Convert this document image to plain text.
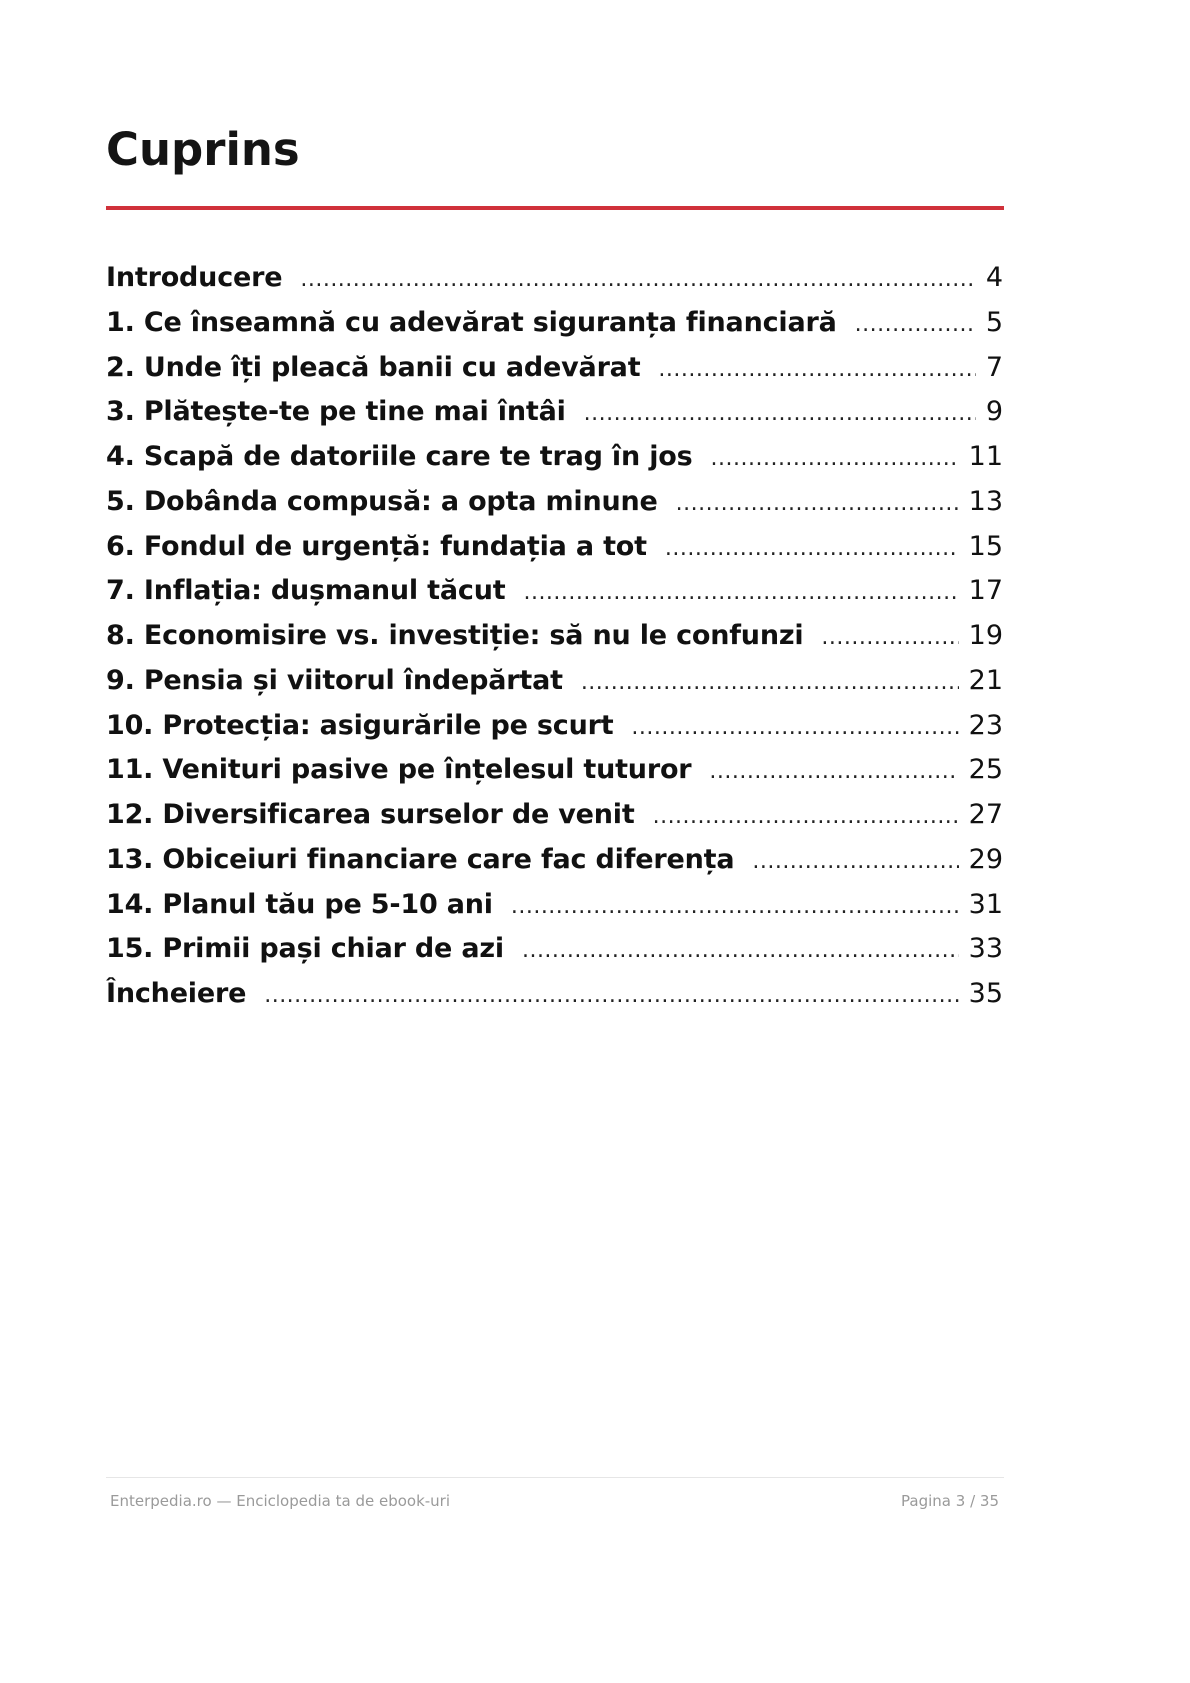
Cuprins
Introducere .....	4
1. Ce înseamnă cu adevărat siguranța financiară .....	5
2. Unde îți pleacă banii cu adevărat .....	7
3. Plătește-te pe tine mai întâi .....	9
4. Scapă de datoriile care te trag în jos .....	11
5. Dobânda compusă: a opta minune .....	13
6. Fondul de urgență: fundația a tot .....	15
7. Inflația: dușmanul tăcut .....	17
8. Economisire vs. investiție: să nu le confunzi .....	19
9. Pensia și viitorul îndepărtat .....	21
10. Protecția: asigurările pe scurt .....	23
11. Venituri pasive pe înțelesul tuturor .....	25
12. Diversificarea surselor de venit .....	27
13. Obiceiuri financiare care fac diferența .....	29
14. Planul tău pe 5-10 ani .....	31
15. Primii pași chiar de azi .....	33
Încheiere .....	35
Enterpedia.ro — Enciclopedia ta de ebook-uri	Pagina 3 / 35
